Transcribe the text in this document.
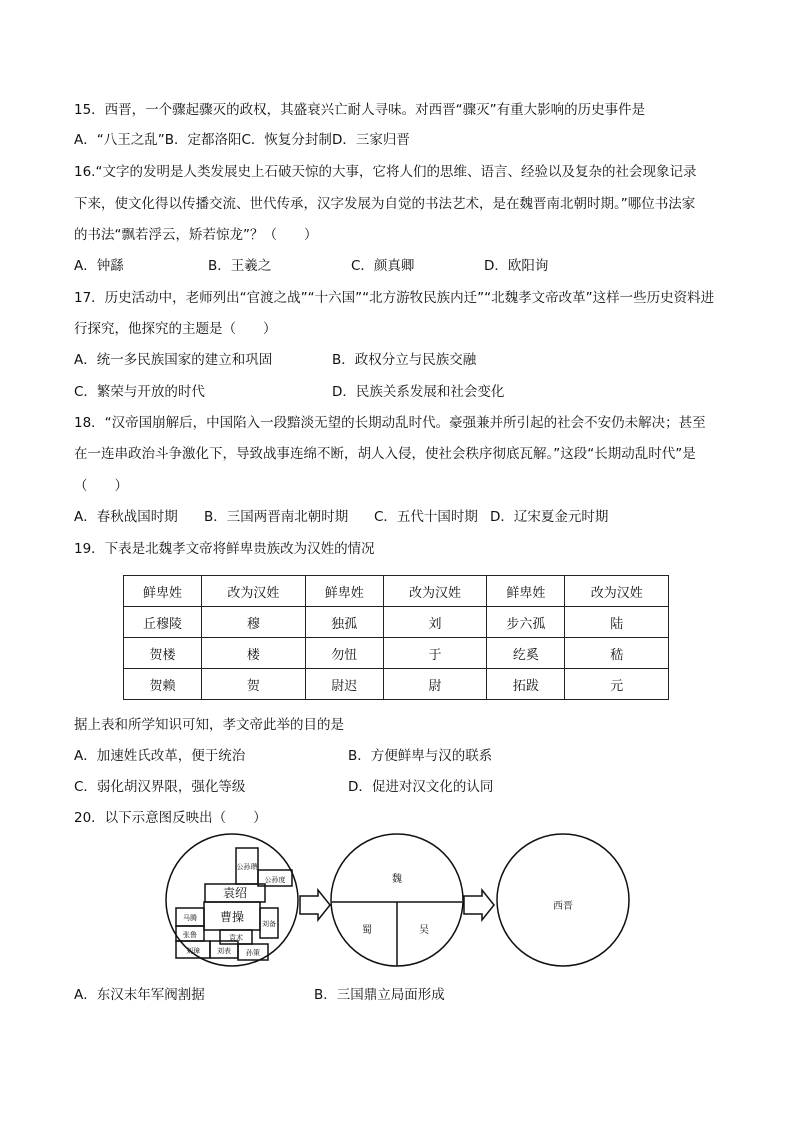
15．西晋，一个骤起骤灭的政权，其盛衰兴亡耐人寻味。对西晋“骤灭”有重大影响的历史事件是
A．“八王之乱”B．定都洛阳C．恢复分封制D．三家归晋
16.“文字的发明是人类发展史上石破天惊的大事，它将人们的思维、语言、经验以及复杂的社会现象记录
下来，使文化得以传播交流、世代传承，汉字发展为自觉的书法艺术，是在魏晋南北朝时期。”哪位书法家
的书法“飘若浮云，矫若惊龙”？（　　）
A．钟繇	B．王羲之	C．颜真卿	D．欧阳询
17．历史活动中，老师列出“官渡之战”“十六国”“北方游牧民族内迁”“北魏孝文帝改革”这样一些历史资料进
行探究，他探究的主题是（　　）
A．统一多民族国家的建立和巩固	B．政权分立与民族交融
C．繁荣与开放的时代	D．民族关系发展和社会变化
18．“汉帝国崩解后，中国陷入一段黯淡无望的长期动乱时代。豪强兼并所引起的社会不安仍未解决；甚至
在一连串政治斗争激化下，导致战事连绵不断，胡人入侵，使社会秩序彻底瓦解。”这段“长期动乱时代”是
（　　）
A．春秋战国时期 B．三国两晋南北朝时期 C．五代十国时期 D．辽宋夏金元时期
19．下表是北魏孝文帝将鲜卑贵族改为汉姓的情况
鲜卑姓	改为汉姓	鲜卑姓	改为汉姓	鲜卑姓	改为汉姓
丘穆陵	穆	独孤	刘	步六孤	陆
贺楼	楼	勿忸	于	纥奚	嵇
贺赖	贺	尉迟	尉	拓跋	元
据上表和所学知识可知，孝文帝此举的目的是
A．加速姓氏改革，便于统治	B．方便鲜卑与汉的联系
C．弱化胡汉界限，强化等级	D．促进对汉文化的认同
20．以下示意图反映出（　　）
袁绍
曹操
公孙瓒
公孙度
马腾
张鲁
刘璋 刘表
袁术
孙策
刘备
魏
蜀	吴
西晋
A．东汉末年军阀割据	B．三国鼎立局面形成
